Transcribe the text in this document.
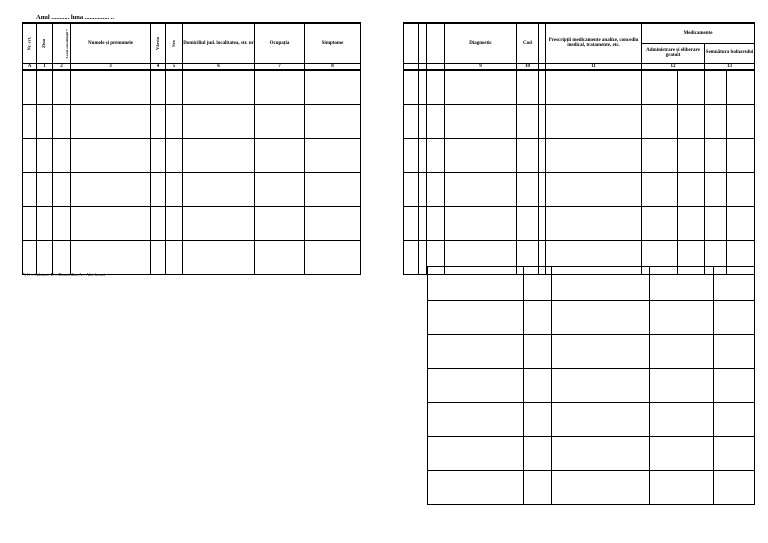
Anul ........... luna ............... ..
Nr. crt.	Ziua	Locul consultației *	Numele și prenumele	Vârsta	Sex	Domiciliul jud. localitatea, str. nr	Ocupația	Simptome
A	1	2	3	4	5	6	7	8

*) C – Cabinet, D – Domiciliu, A – Alte locuri
			Diagnostic	Cod		Prescripții medicamente analize, concediu medical, tratamente, etc.	Medicamente			
							Administrare și eliberare gratuit		Semnătura bolnavului	
			9	10		11	12		13	
